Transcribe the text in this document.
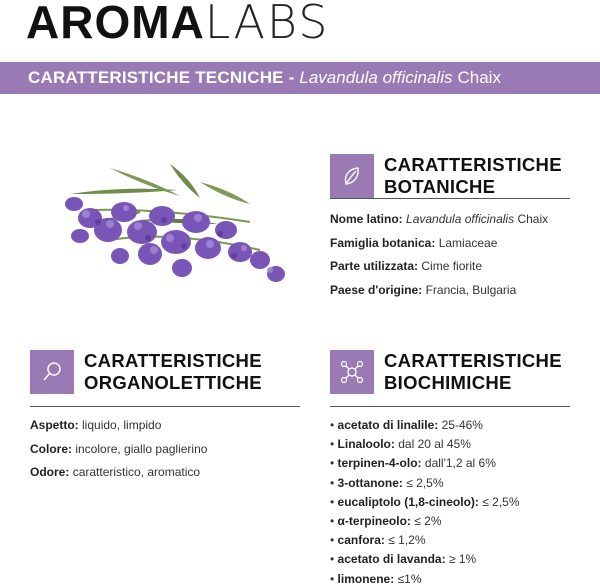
AROMA LABS
CARATTERISTICHE TECNICHE - Lavandula officinalis Chaix
CARATTERISTICHE
BOTANICHE
Nome latino: Lavandula officinalis Chaix
Famiglia botanica: Lamiaceae
Parte utilizzata: Cime fiorite
Paese d'origine: Francia, Bulgaria
CARATTERISTICHE
ORGANOLETTICHE
Aspetto: liquido, limpido
Colore: incolore, giallo paglierino
Odore: caratteristico, aromatico
CARATTERISTICHE
BIOCHIMICHE
• acetato di linalile: 25-46%
• Linaloolo: dal 20 al 45%
• terpinen-4-olo: dall'1,2 al 6%
• 3-ottanone: ≤ 2,5%
• eucaliptolo (1,8-cineolo): ≤ 2,5%
• α-terpineolo: ≤ 2%
• canfora: ≤ 1,2%
• acetato di lavanda: ≥ 1%
• limonene: ≤1%
